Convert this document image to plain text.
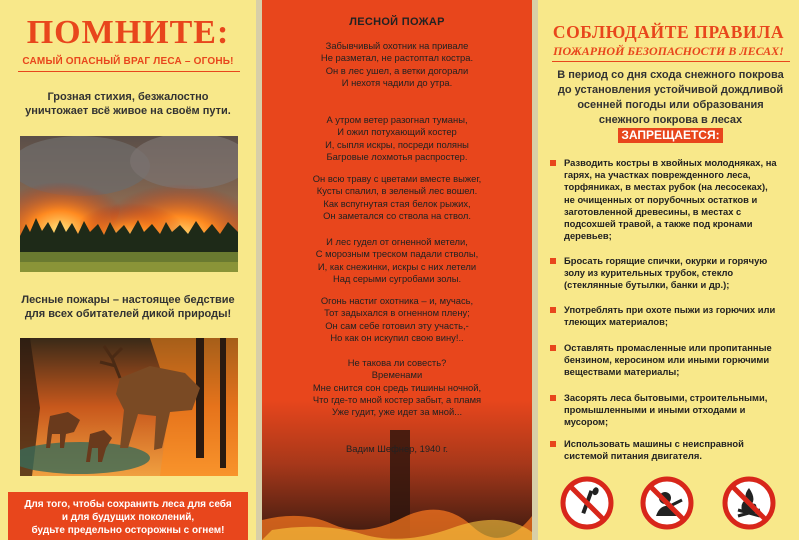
ПОМНИТЕ:
САМЫЙ ОПАСНЫЙ ВРАГ ЛЕСА – ОГОНЬ!
Грозная стихия, безжалостно
уничтожает всё живое на своём пути.
Лесные пожары – настоящее бедствие
для всех обитателей дикой природы!
Для того, чтобы сохранить леса для себя
и для будущих поколений,
будьте предельно осторожны с огнем!
ЛЕСНОЙ ПОЖАР
Забывчивый охотник на привале
Не разметал, не растоптал костра.
Он в лес ушел, а ветки догорали
И нехотя чадили до утра.
А утром ветер разогнал туманы,
И ожил потухающий костер
И, сыпля искры, посреди поляны
Багровые лохмотья распростер.
Он всю траву с цветами вместе выжег,
Кусты спалил, в зеленый лес вошел.
Как вспугнутая стая белок рыжих,
Он заметался со ствола на ствол.
И лес гудел от огненной метели,
С морозным треском падали стволы,
И, как снежинки, искры с них летели
Над серыми сугробами золы.
Огонь настиг охотника – и, мучась,
Тот задыхался в огненном плену;
Он сам себе готовил эту участь,-
Но как он искупил свою вину!..
Не такова ли совесть?
Временами
Мне снится сон средь тишины ночной,
Что где-то мной костер забыт, а пламя
Уже гудит, уже идет за мной...
Вадим Шефнер, 1940 г.
СОБЛЮДАЙТЕ ПРАВИЛА
ПОЖАРНОЙ БЕЗОПАСНОСТИ В ЛЕСАХ!
В период со дня схода снежного покрова
до установления устойчивой дождливой
осенней погоды или образования
снежного покрова в лесах
ЗАПРЕЩАЕТСЯ:
Разводить костры в хвойных молодняках, на
гарях, на участках поврежденного леса,
торфяниках, в местах рубок (на лесосеках),
не очищенных от порубочных остатков и
заготовленной древесины, в местах с
подсохшей травой, а также под кронами
деревьев;
Бросать горящие спички, окурки и горячую
золу из курительных трубок, стекло
(стеклянные бутылки, банки и др.);
Употреблять при охоте пыжи из горючих или
тлеющих материалов;
Оставлять промасленные или пропитанные
бензином, керосином или иными горючими
веществами материалы;
Засорять леса бытовыми, строительными,
промышленными и иными отходами и
мусором;
Использовать машины с неисправной
системой питания двигателя.
